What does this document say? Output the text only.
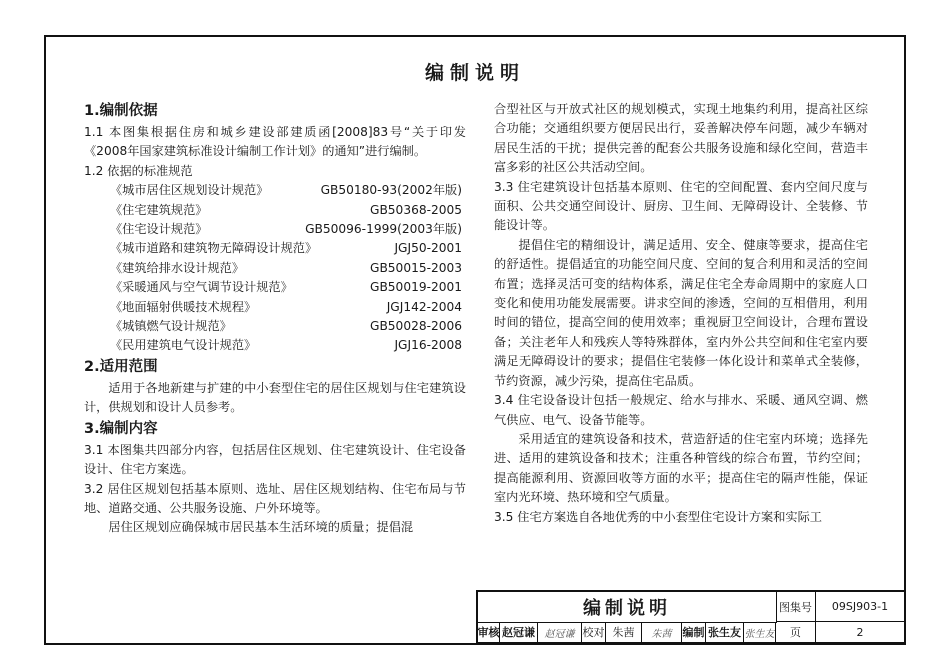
编制说明
1.编制依据
1.1 本图集根据住房和城乡建设部建质函[2008]83号“关于印发《2008年国家建筑标准设计编制工作计划》的通知”进行编制。
1.2 依据的标准规范
《城市居住区规划设计规范》	GB50180-93(2002年版)
《住宅建筑规范》	GB50368-2005
《住宅设计规范》	GB50096-1999(2003年版)
《城市道路和建筑物无障碍设计规范》	JGJ50-2001
《建筑给排水设计规范》	GB50015-2003
《采暖通风与空气调节设计规范》	GB50019-2001
《地面辐射供暖技术规程》	JGJ142-2004
《城镇燃气设计规范》	GB50028-2006
《民用建筑电气设计规范》	JGJ16-2008
2.适用范围
适用于各地新建与扩建的中小套型住宅的居住区规划与住宅建筑设计，供规划和设计人员参考。
3.编制内容
3.1 本图集共四部分内容，包括居住区规划、住宅建筑设计、住宅设备设计、住宅方案选。
3.2 居住区规划包括基本原则、选址、居住区规划结构、住宅布局与节地、道路交通、公共服务设施、户外环境等。
居住区规划应确保城市居民基本生活环境的质量；提倡混
合型社区与开放式社区的规划模式，实现土地集约利用，提高社区综合功能；交通组织要方便居民出行，妥善解决停车问题，减少车辆对居民生活的干扰；提供完善的配套公共服务设施和绿化空间，营造丰富多彩的社区公共活动空间。
3.3 住宅建筑设计包括基本原则、住宅的空间配置、套内空间尺度与面积、公共交通空间设计、厨房、卫生间、无障碍设计、全装修、节能设计等。
提倡住宅的精细设计，满足适用、安全、健康等要求，提高住宅的舒适性。提倡适宜的功能空间尺度、空间的复合利用和灵活的空间布置；选择灵活可变的结构体系，满足住宅全寿命周期中的家庭人口变化和使用功能发展需要。讲求空间的渗透，空间的互相借用，利用时间的错位，提高空间的使用效率；重视厨卫空间设计，合理布置设备；关注老年人和残疾人等特殊群体，室内外公共空间和住宅室内要满足无障碍设计的要求；提倡住宅装修一体化设计和菜单式全装修，节约资源，减少污染，提高住宅品质。
3.4 住宅设备设计包括一般规定、给水与排水、采暖、通风空调、燃气供应、电气、设备节能等。
采用适宜的建筑设备和技术，营造舒适的住宅室内环境；选择先进、适用的建筑设备和技术；注重各种管线的综合布置，节约空间；提高能源利用、资源回收等方面的水平；提高住宅的隔声性能，保证室内光环境、热环境和空气质量。
3.5 住宅方案选自各地优秀的中小套型住宅设计方案和实际工
编制说明	图集号	09SJ903-1
审核 赵冠谦 赵冠谦 校对 朱茜	朱茜	编制 张生友 张生友	页	2
